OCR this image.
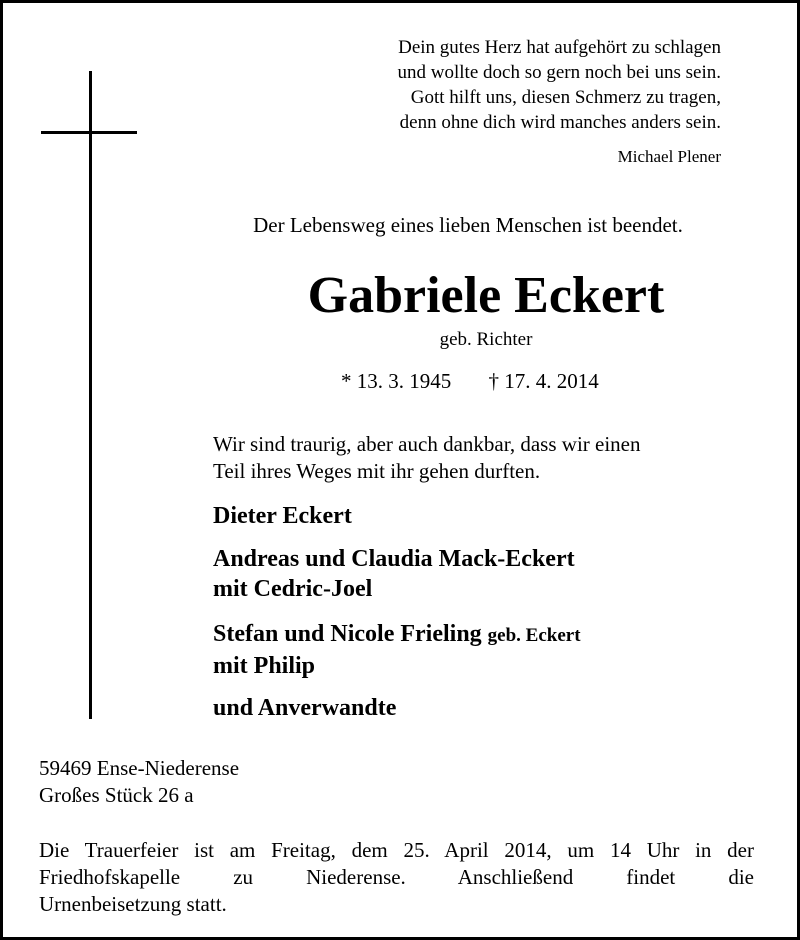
Dein gutes Herz hat aufgehört zu schlagen
und wollte doch so gern noch bei uns sein.
Gott hilft uns, diesen Schmerz zu tragen,
denn ohne dich wird manches anders sein.
Michael Plener
Der Lebensweg eines lieben Menschen ist beendet.
Gabriele Eckert
geb. Richter
* 13. 3. 1945 † 17. 4. 2014
Wir sind traurig, aber auch dankbar, dass wir einen
Teil ihres Weges mit ihr gehen durften.
Dieter Eckert
Andreas und Claudia Mack-Eckert
mit Cedric-Joel
Stefan und Nicole Frieling geb. Eckert
mit Philip
und Anverwandte
59469 Ense-Niederense
Großes Stück 26 a
Die Trauerfeier ist am Freitag, dem 25. April 2014, um 14 Uhr in der
Friedhofskapelle zu Niederense. Anschließend findet die
Urnenbeisetzung statt.
